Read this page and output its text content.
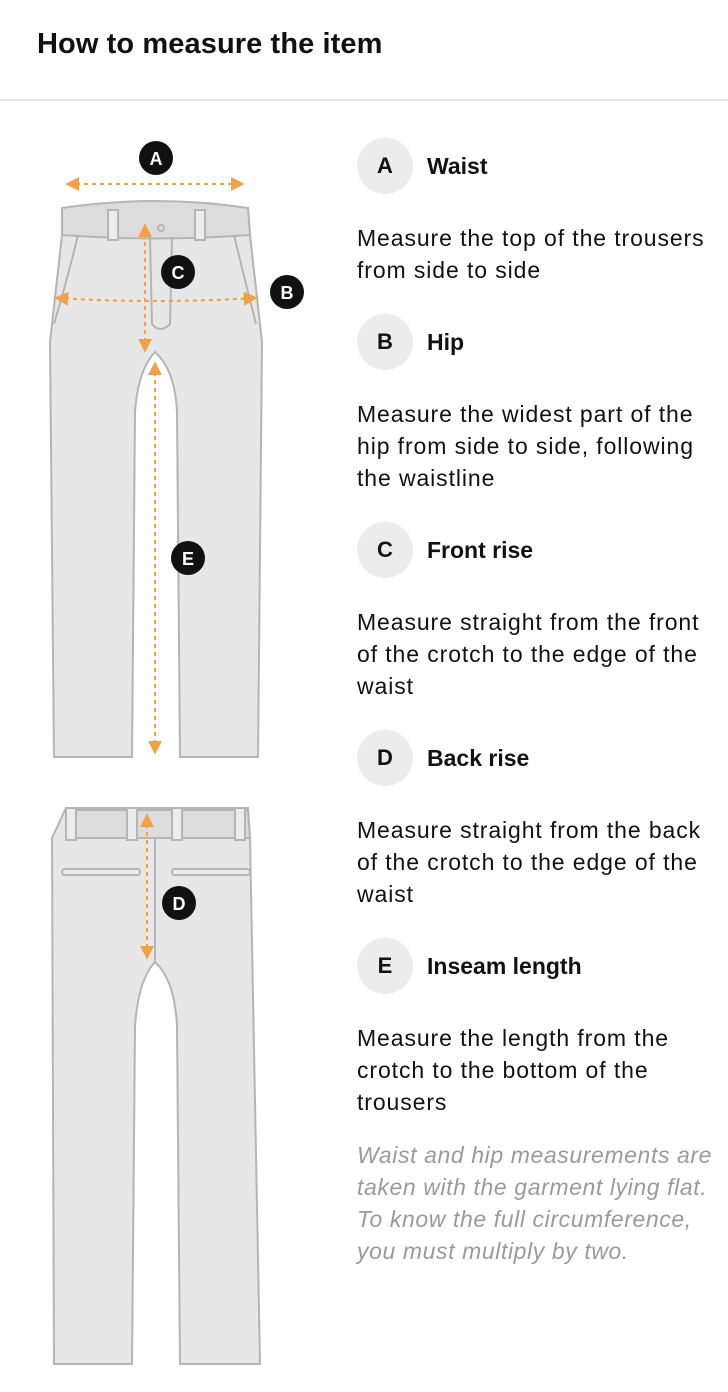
How to measure the item
A
B
C
E
D
A	Waist
Measure the top of the trousers from side to side
B	Hip
Measure the widest part of the hip from side to side, following the waistline
C	Front rise
Measure straight from the front of the crotch to the edge of the waist
D	Back rise
Measure straight from the back of the crotch to the edge of the waist
E	Inseam length
Measure the length from the crotch to the bottom of the trousers
Waist and hip measurements are taken with the garment lying flat. To know the full circumference, you must multiply by two.
